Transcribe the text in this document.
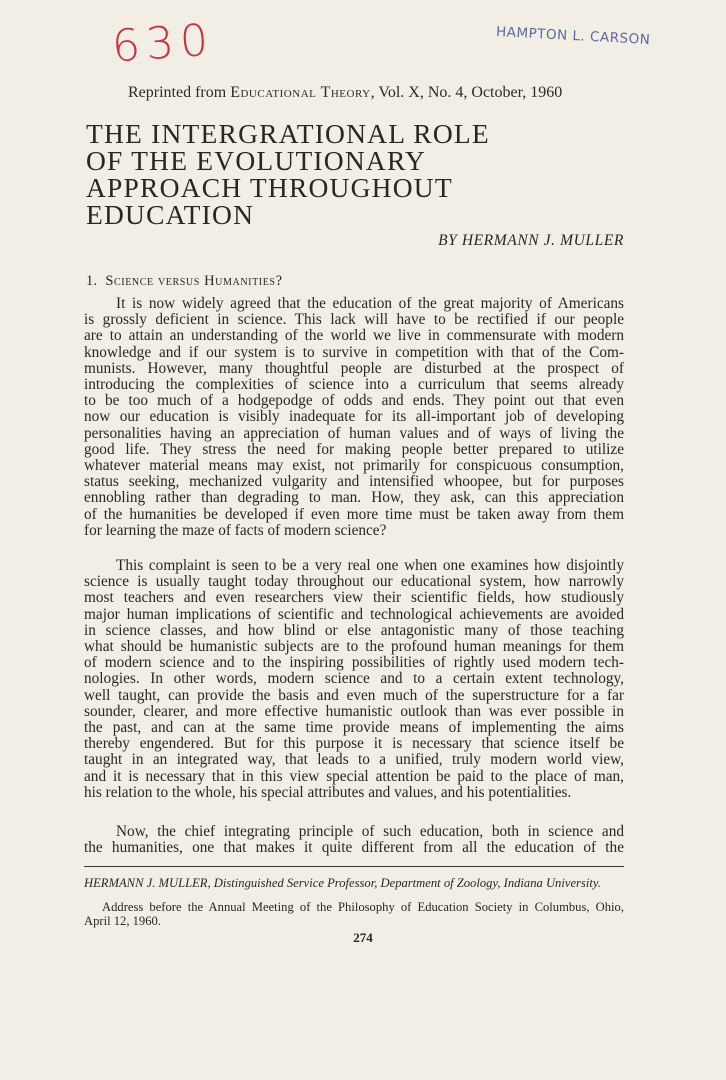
630	HAMPTON L. CARSON
Reprinted from Educational Theory, Vol. X, No. 4, October, 1960
THE INTERGRATIONAL ROLE
OF THE EVOLUTIONARY
APPROACH THROUGHOUT
EDUCATION
BY HERMANN J. MULLER
1. Science versus Humanities?
It is now widely agreed that the education of the great majority of Americans
is grossly deficient in science. This lack will have to be rectified if our people
are to attain an understanding of the world we live in commensurate with modern
knowledge and if our system is to survive in competition with that of the Com-
munists. However, many thoughtful people are disturbed at the prospect of
introducing the complexities of science into a curriculum that seems already
to be too much of a hodgepodge of odds and ends. They point out that even
now our education is visibly inadequate for its all-important job of developing
personalities having an appreciation of human values and of ways of living the
good life. They stress the need for making people better prepared to utilize
whatever material means may exist, not primarily for conspicuous consumption,
status seeking, mechanized vulgarity and intensified whoopee, but for purposes
ennobling rather than degrading to man. How, they ask, can this appreciation
of the humanities be developed if even more time must be taken away from them
for learning the maze of facts of modern science?
This complaint is seen to be a very real one when one examines how disjointly
science is usually taught today throughout our educational system, how narrowly
most teachers and even researchers view their scientific fields, how studiously
major human implications of scientific and technological achievements are avoided
in science classes, and how blind or else antagonistic many of those teaching
what should be humanistic subjects are to the profound human meanings for them
of modern science and to the inspiring possibilities of rightly used modern tech-
nologies. In other words, modern science and to a certain extent technology,
well taught, can provide the basis and even much of the superstructure for a far
sounder, clearer, and more effective humanistic outlook than was ever possible in
the past, and can at the same time provide means of implementing the aims
thereby engendered. But for this purpose it is necessary that science itself be
taught in an integrated way, that leads to a unified, truly modern world view,
and it is necessary that in this view special attention be paid to the place of man,
his relation to the whole, his special attributes and values, and his potentialities.
Now, the chief integrating principle of such education, both in science and
the humanities, one that makes it quite different from all the education of the
HERMANN J. MULLER, Distinguished Service Professor, Department of Zoology, Indiana University.
Address before the Annual Meeting of the Philosophy of Education Society in Columbus, Ohio,
April 12, 1960.
274
